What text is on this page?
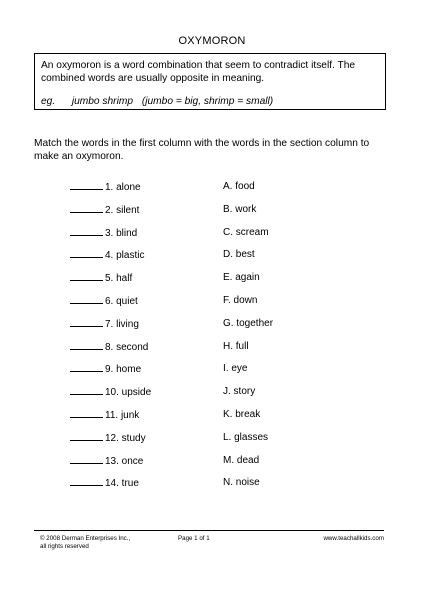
OXYMORON
An oxymoron is a word combination that seem to contradict itself. The combined words are usually opposite in meaning.
eg. jumbo shrimp (jumbo = big, shrimp = small)
Match the words in the first column with the words in the section column to make an oxymoron.
1. alone	A. food
2. silent	B. work
3. blind	C. scream
4. plastic	D. best
5. half	E. again
6. quiet	F. down
7. living	G. together
8. second	H. full
9. home	I. eye
10. upside	J. story
11. junk	K. break
12. study	L. glasses
13. once	M. dead
14. true	N. noise
© 2008 Derman Enterprises Inc.,
all rights reserved
Page 1 of 1	www.teachallkids.com
